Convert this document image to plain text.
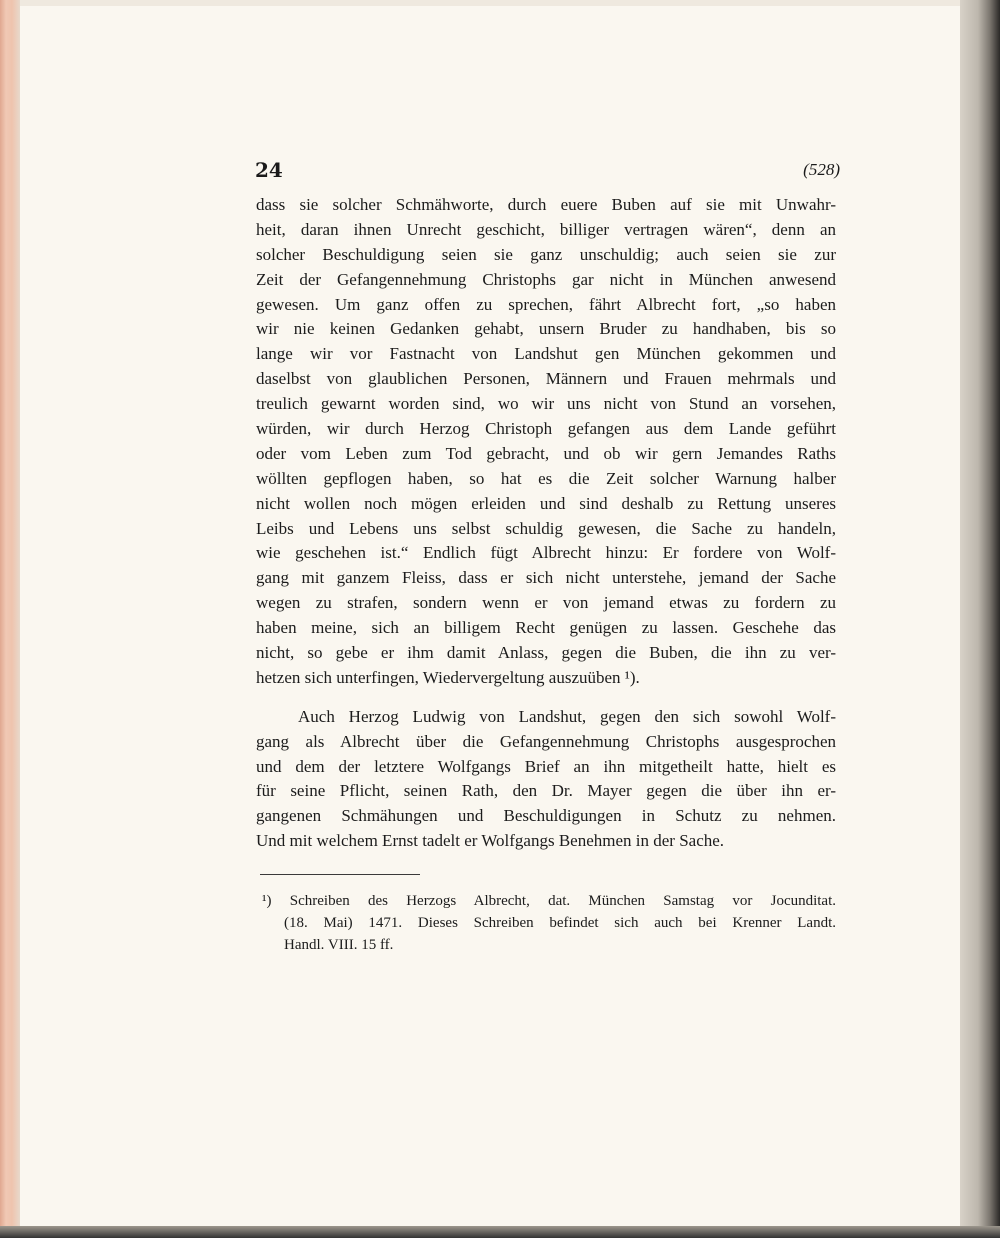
24	(528)
dass sie solcher Schmähworte, durch euere Buben auf sie mit Unwahr-
heit, daran ihnen Unrecht geschicht, billiger vertragen wären“, denn an
solcher Beschuldigung seien sie ganz unschuldig; auch seien sie zur
Zeit der Gefangennehmung Christophs gar nicht in München anwesend
gewesen. Um ganz offen zu sprechen, fährt Albrecht fort, „so haben
wir nie keinen Gedanken gehabt, unsern Bruder zu handhaben, bis so
lange wir vor Fastnacht von Landshut gen München gekommen und
daselbst von glaublichen Personen, Männern und Frauen mehrmals und
treulich gewarnt worden sind, wo wir uns nicht von Stund an vorsehen,
würden, wir durch Herzog Christoph gefangen aus dem Lande geführt
oder vom Leben zum Tod gebracht, und ob wir gern Jemandes Raths
wöllten gepflogen haben, so hat es die Zeit solcher Warnung halber
nicht wollen noch mögen erleiden und sind deshalb zu Rettung unseres
Leibs und Lebens uns selbst schuldig gewesen, die Sache zu handeln,
wie geschehen ist.“ Endlich fügt Albrecht hinzu: Er fordere von Wolf-
gang mit ganzem Fleiss, dass er sich nicht unterstehe, jemand der Sache
wegen zu strafen, sondern wenn er von jemand etwas zu fordern zu
haben meine, sich an billigem Recht genügen zu lassen. Geschehe das
nicht, so gebe er ihm damit Anlass, gegen die Buben, die ihn zu ver-
hetzen sich unterfingen, Wiedervergeltung auszuüben ¹).
Auch Herzog Ludwig von Landshut, gegen den sich sowohl Wolf-
gang als Albrecht über die Gefangennehmung Christophs ausgesprochen
und dem der letztere Wolfgangs Brief an ihn mitgetheilt hatte, hielt es
für seine Pflicht, seinen Rath, den Dr. Mayer gegen die über ihn er-
gangenen Schmähungen und Beschuldigungen in Schutz zu nehmen.
Und mit welchem Ernst tadelt er Wolfgangs Benehmen in der Sache.
¹) Schreiben des Herzogs Albrecht, dat. München Samstag vor Jocunditat.
(18. Mai) 1471. Dieses Schreiben befindet sich auch bei Krenner Landt.
Handl. VIII. 15 ff.
